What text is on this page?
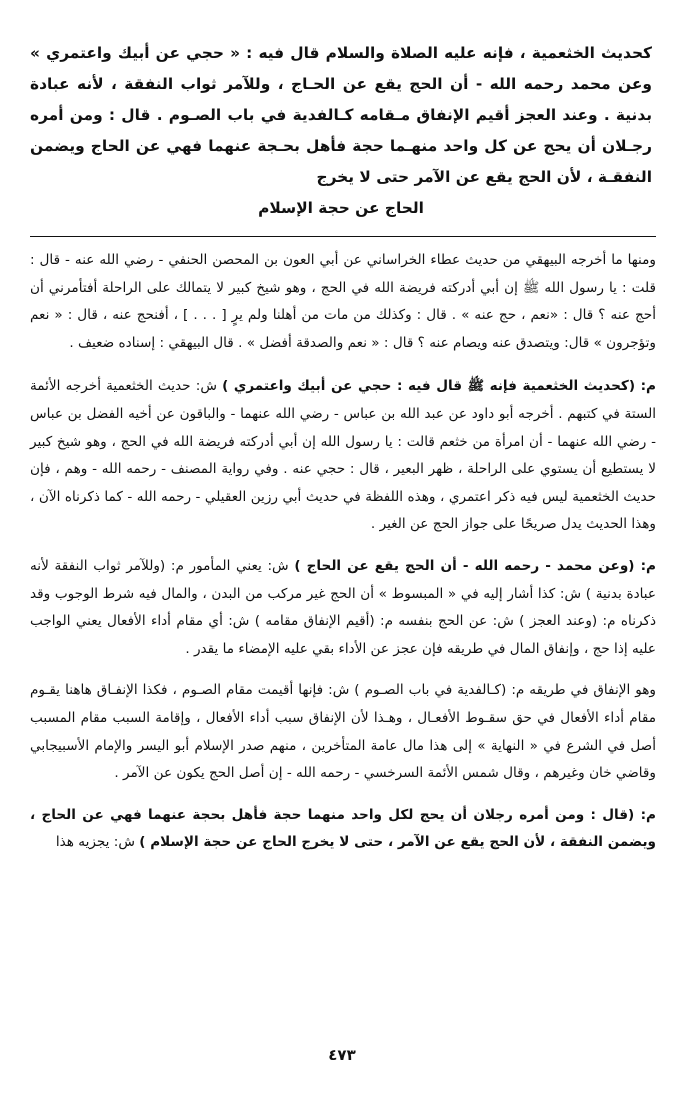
كحديث الخثعمية ، فإنه عليه الصلاة والسلام قال فيه : « حجي عن أبيك واعتمري » وعن محمد رحمه الله - أن الحج يقع عن الحـاج ، وللآمر ثواب النفقة ، لأنه عبادة بدنية . وعند العجز أقيم الإنفاق مـقامه كـالفدية في باب الصـوم . قال : ومن أمره رجـلان أن يحج عن كل واحد منهـما حجة فأهل بحـجة عنهما فهي عن الحاج ويضمن النفقـة ، لأن الحج يقع عن الآمر حتى لا يخرج

الحاج عن حجة الإسلام

ومنها ما أخرجه البيهقي من حديث عطاء الخراساني عن أبي العون بن المحصن الحنفي - رضي الله عنه - قال : قلت : يا رسول الله ﷺ إن أبي أدركته فريضة الله في الحج ، وهو شيخ كبير لا يتمالك على الراحلة أفتأمرني أن أحج عنه ؟ قال : «نعم ، حج عنه » . قال : وكذلك من مات من أهلنا ولم يرٍ [ . . . ] ، أفنحج عنه ، قال : « نعم وتؤجرون » قال: ويتصدق عنه ويصام عنه ؟ قال : « نعم والصدقة أفضل » . قال البيهقي : إسناده ضعيف .

م: (كحديث الخثعمية فإنه ﷺ قال فيه : حجي عن أبيك واعتمري ) ش: حديث الخثعمية أخرجه الأئمة الستة في كتبهم . أخرجه أبو داود عن عبد الله بن عباس - رضي الله عنهما - والباقون عن أخيه الفضل بن عباس - رضي الله عنهما - أن امرأة من خثعم قالت : يا رسول الله إن أبي أدركته فريضة الله في الحج ، وهو شيخ كبير لا يستطيع أن يستوي على الراحلة ، ظهر البعير ، قال : حجي عنه . وفي رواية المصنف - رحمه الله - وهم ، فإن حديث الخثعمية ليس فيه ذكر اعتمري ، وهذه اللفظة في حديث أبي رزين العقيلي - رحمه الله - كما ذكرناه الآن ، وهذا الحديث يدل صريحًا على جواز الحج عن الغير .

م: (وعن محمد - رحمه الله - أن الحج يقع عن الحاج ) ش: يعني المأمور م: (وللآمر ثواب النفقة لأنه عبادة بدنية ) ش: كذا أشار إليه في « المبسوط » أن الحج غير مركب من البدن ، والمال فيه شرط الوجوب وقد ذكرناه م: (وعند العجز ) ش: عن الحج بنفسه م: (أقيم الإنفاق مقامه ) ش: أي مقام أداء الأفعال يعني الواجب عليه إذا حج ، وإنفاق المال في طريقه فإن عجز عن الأداء بقي عليه الإمضاء ما يقدر .

وهو الإنفاق في طريقه م: (كـالفدية في باب الصـوم ) ش: فإنها أقيمت مقام الصـوم ، فكذا الإنفـاق هاهنا يقـوم مقام أداء الأفعال في حق سقـوط الأفعـال ، وهـذا لأن الإنفاق سبب أداء الأفعال ، وإقامة السبب مقام المسبب أصل في الشرع في « النهاية » إلى هذا مال عامة المتأخرين ، منهم صدر الإسلام أبو اليسر والإمام الأسبيجابي وقاضي خان وغيرهم ، وقال شمس الأئمة السرخسي - رحمه الله - إن أصل الحج يكون عن الآمر .

م: (قال : ومن أمره رجلان أن يحج لكل واحد منهما حجة فأهل بحجة عنهما فهي عن الحاج ، ويضمن النفقة ، لأن الحج يقع عن الآمر ، حتى لا يخرج الحاج عن حجة الإسلام ) ش: يجزيه هذا

٤٧٣
